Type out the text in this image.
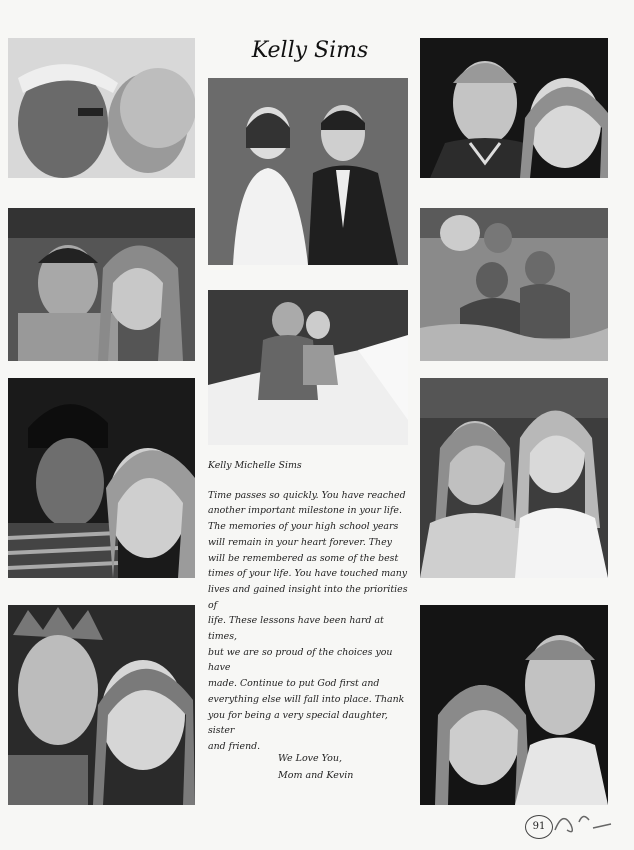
Kelly Sims
Kelly Michelle Sims

Time passes so quickly. You have reached

another important milestone in your life.

The memories of your high school years

will remain in your heart forever. They

will be remembered as some of the best

times of your life. You have touched many

lives and gained insight into the priorities of

life. These lessons have been hard at times,

but we are so proud of the choices you have

made. Continue to put God first and

everything else will fall into place. Thank

you for being a very special daughter, sister

and friend.

We Love You,
Mom and Kevin
91
